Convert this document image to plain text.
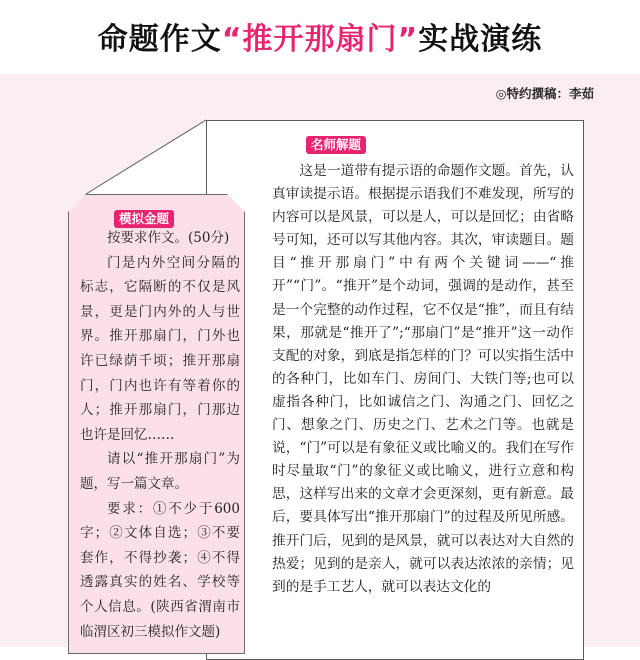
命题作文“推开那扇门”实战演练
◎特约撰稿：李茹
模拟金题

按要求作文。(50分)

门是内外空间分隔的标志，它隔断的不仅是风景，更是门内外的人与世界。推开那扇门，门外也许已绿荫千顷；推开那扇门，门内也许有等着你的人；推开那扇门，门那边也许是回忆……

请以“推开那扇门”为题，写一篇文章。

要求：①不少于600字；②文体自选；③不要套作，不得抄袭；④不得透露真实的姓名、学校等个人信息。(陕西省渭南市临渭区初三模拟作文题)

名师解题

这是一道带有提示语的命题作文题。首先，认真审读提示语。根据提示语我们不难发现，所写的内容可以是风景，可以是人，可以是回忆；由省略号可知，还可以写其他内容。其次，审读题目。题目“推开那扇门”中有两个关键词——“推开”“门”。“推开”是个动词，强调的是动作，甚至是一个完整的动作过程，它不仅是“推”，而且有结果，那就是“推开了”;“那扇门”是“推开”这一动作支配的对象，到底是指怎样的门？可以实指生活中的各种门，比如车门、房间门、大铁门等;也可以虚指各种门，比如诚信之门、沟通之门、回忆之门、想象之门、历史之门、艺术之门等。也就是说，“门”可以是有象征义或比喻义的。我们在写作时尽量取“门”的象征义或比喻义，进行立意和构思，这样写出来的文章才会更深刻，更有新意。最后，要具体写出“推开那扇门”的过程及所见所感。推开门后，见到的是风景，就可以表达对大自然的热爱；见到的是亲人，就可以表达浓浓的亲情；见到的是手工艺人，就可以表达文化的
